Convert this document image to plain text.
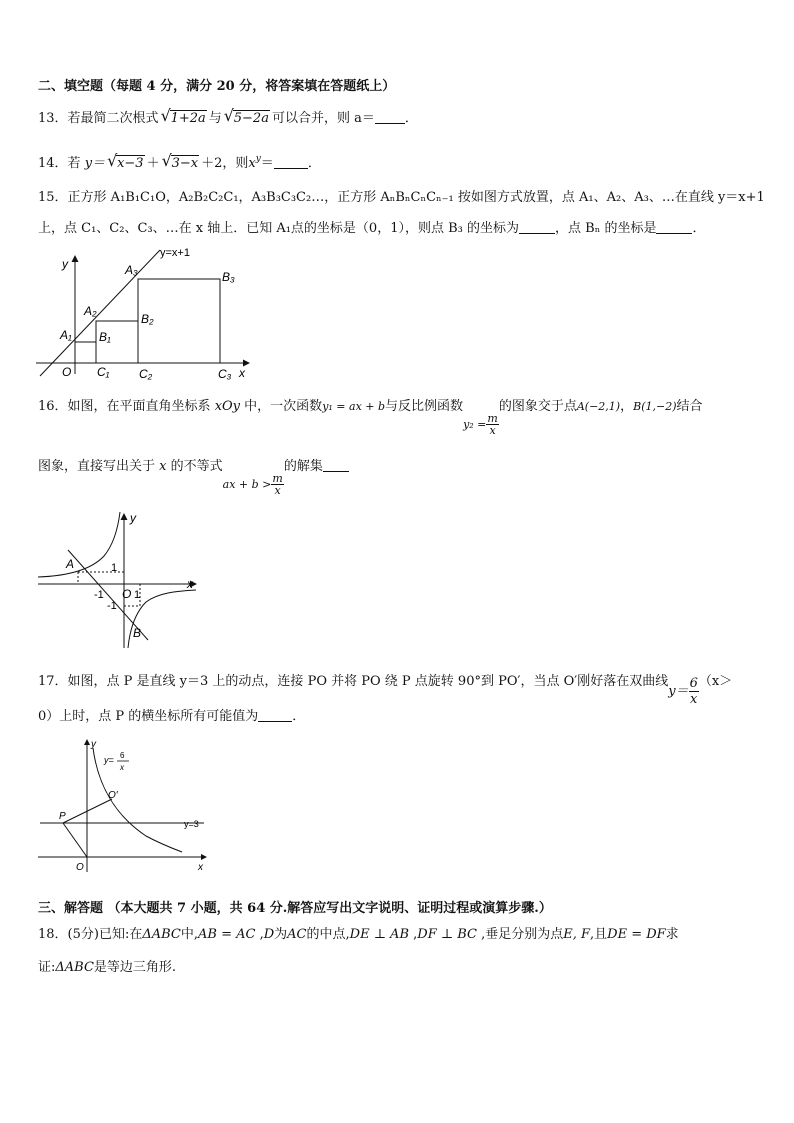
二、填空题（每题 4 分，满分 20 分，将答案填在答题纸上）
13．若最简二次根式 √ 1+2a 与 √ 5−2a 可以合并，则 a＝ ．
14．若 y＝ √ x−3 ＋ √ 3−x ＋2，则$x^y=$	．
15．正方形 A₁B₁C₁O，A₂B₂C₂C₁，A₃B₃C₃C₂…，正方形 AₙBₙCₙCₙ₋₁ 按如图方式放置，点 A₁、A₂、A₃、…在直线 y＝x+1
上，点 C₁、C₂、C₃、…在 x 轴上．已知 A₁点的坐标是（0，1），则点 B₃ 的坐标为	，点 Bₙ 的坐标是	．
y
x
y=x+1
O
A₁
A₂
A₃
B₁
B₂
B₃
C₁ C₂	C₃
16．如图，在平面直角坐标系 xOy 中，一次函数y₁ = ax + b与反比例函数$y_2 = \frac{m}{x}$
的图象交于点A(−2,1)，B(1,−2)结合
图象，直接写出关于 x 的不等式ax + $b > \frac{m}{x}$
的解集
y
x
A
B
1
-1 O 1
-1
17．如图，点 P 是直线 y＝3 上的动点，连接 PO 并将 PO 绕 P 点旋转 90°到 PO′，当点 O′刚好落在双曲线$y= \frac{6}{x} (x>$
0）上时，点 P 的横坐标所有可能值为	．
y
x
O
P
O′
y=3
y= 6
x
三、解答题 （本大题共 7 小题，共 64 分.解答应写出文字说明、证明过程或演算步骤.）
18．(5分)已知:在ΔABC中,AB = AC ,D为AC的中点,DE ⊥ AB ,DF ⊥ BC ,垂足分别为点E, F,且DE = DF求
证:ΔABC是等边三角形.
